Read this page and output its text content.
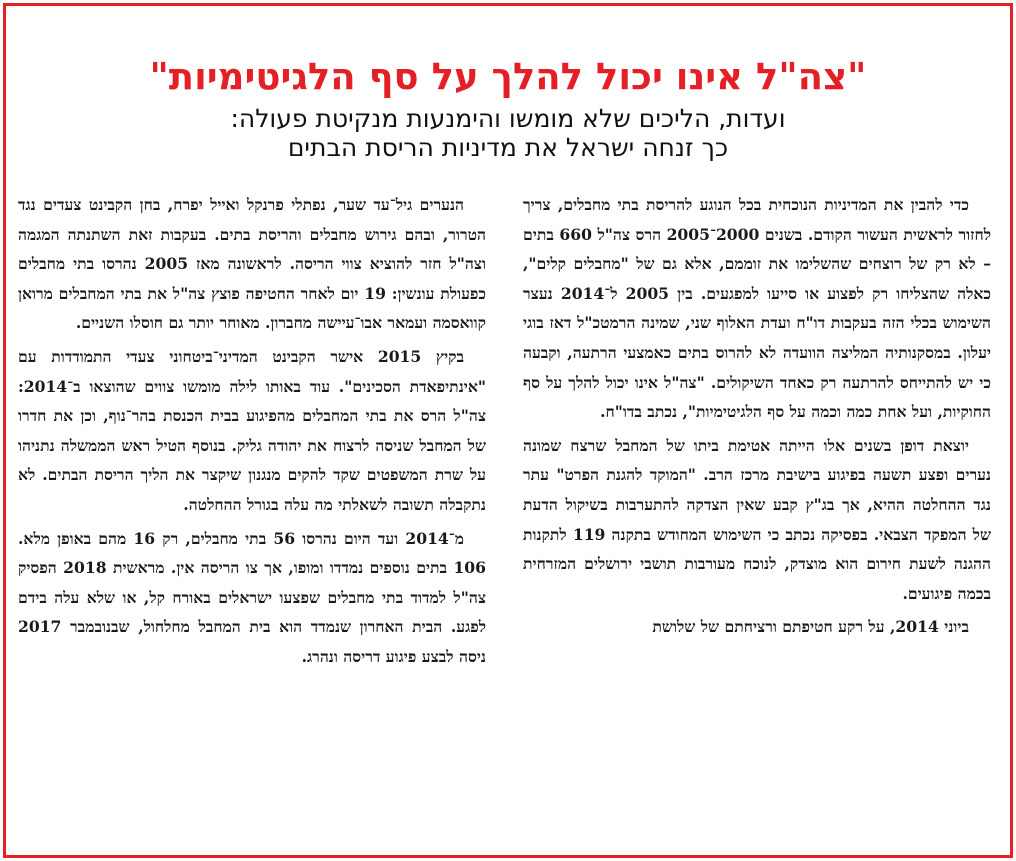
"צה"ל אינו יכול להלך על סף הלגיטימיות"
ועדות, הליכים שלא מומשו והימנעות מנקיטת פעולה:
כך זנחה ישראל את מדיניות הריסת הבתים

כדי להבין את המדיניות הנוכחית בכל הנוגע להריסת בתי מחבלים, צריך לחזור לראשית העשור הקודם. בשנים 2000־2005 הרס צה"ל 660 בתים – לא רק של רוצחים שהשלימו את זוממם, אלא גם של "מחבלים קלים", כאלה שהצליחו רק לפצוע או סייעו למפגעים. בין 2005 ל־2014 נעצר השימוש בכלי הזה בעקבות דו"ח ועדת האלוף שני, שמינה הרמטכ"ל דאז בוגי יעלון. במסקנותיה המליצה הוועדה לא להרוס בתים כאמצעי הרתעה, וקבעה כי יש להתייחס להרתעה רק כאחד השיקולים. "צה"ל אינו יכול להלך על סף החוקיות, ועל אחת כמה וכמה על סף הלגיטימיות", נכתב בדו"ח.

יוצאת דופן בשנים אלו הייתה אטימת ביתו של המחבל שרצח שמונה נערים ופצע תשעה בפיגוע בישיבת מרכז הרב. "המוקד להגנת הפרט" עתר נגד ההחלטה ההיא, אך בג"ץ קבע שאין הצדקה להתערבות בשיקול הדעת של המפקד הצבאי. בפסיקה נכתב כי השימוש המחודש בתקנה 119 לתקנות ההגנה לשעת חירום הוא מוצדק, לנוכח מעורבות תושבי ירושלים המזרחית בכמה פיגועים.

ביוני 2014, על רקע חטיפתם ורציחתם של שלושת

הנערים גיל־עד שער, נפתלי פרנקל ואייל יפרח, בחן הקבינט צעדים נגד הטרור, ובהם גירוש מחבלים והריסת בתים. בעקבות זאת השתנתה המגמה וצה"ל חזר להוציא צווי הריסה. לראשונה מאז 2005 נהרסו בתי מחבלים כפעולת עונשין: 19 יום לאחר החטיפה פוצץ צה"ל את בתי המחבלים מרואן קוואסמה ועמאר אבו־עיישה מחברון. מאוחר יותר גם חוסלו השניים.

בקיץ 2015 אישר הקבינט המדיני־ביטחוני צעדי התמודדות עם "אינתיפאדת הסכינים". עוד באותו לילה מומשו צווים שהוצאו ב־2014: צה"ל הרס את בתי המחבלים מהפיגוע בבית הכנסת בהר־נוף, וכן את חדרו של המחבל שניסה לרצוח את יהודה גליק. בנוסף הטיל ראש הממשלה נתניהו על שרת המשפטים שקד להקים מנגנון שיקצר את הליך הריסת הבתים. לא נתקבלה תשובה לשאלתי מה עלה בגורל ההחלטה.

מ־2014 ועד היום נהרסו 56 בתי מחבלים, רק 16 מהם באופן מלא. 106 בתים נוספים נמדדו ומופו, אך צו הריסה אין. מראשית 2018 הפסיק צה"ל למדוד בתי מחבלים שפצעו ישראלים באורח קל, או שלא עלה בידם לפגע. הבית האחרון שנמדד הוא בית המחבל מחלחול, שבנובמבר 2017 ניסה לבצע פיגוע דריסה ונהרג.
